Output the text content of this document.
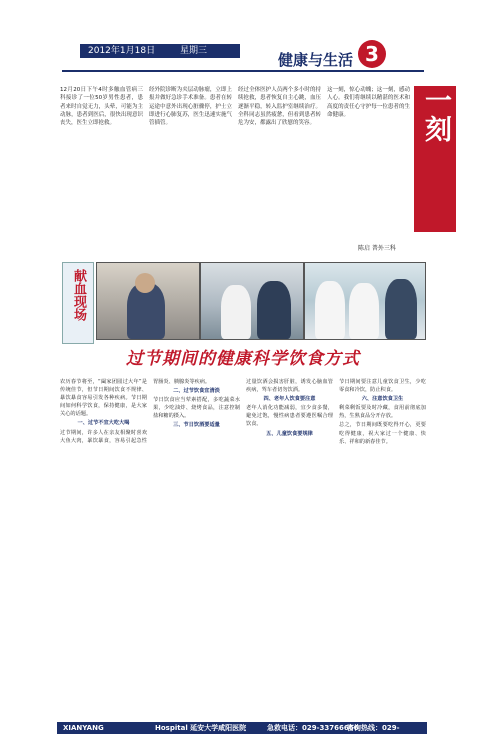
2012年1月18日	星期三	健康与生活 3

12月20日下午4时多触血管病三科接诊了一位50岁男性患者，患者来时自觉无力，头晕，可能为主动脉，患者到医后，很快出现意识丧失，医生立即抢救。

经外院诊断为夹层动脉瘤，立即上报并做好急诊手术准备。患者在转运途中意外出现心脏骤停，护士立即进行心肺复苏，医生迅速实施气管插管。

经过全体医护人员两个多小时的持续抢救，患者恢复自主心跳，血压逐渐平稳，转入监护室继续治疗。全科同志虽然疲惫，但看到患者转危为安，都露出了欣慰的笑容。

这一刻，惊心动魄；这一刻，感动人心。我们将继续以精湛的医术和高度的责任心守护每一位患者的生命健康。	惊心动魄的一刻
陈启 普外三科
献血现场
过节期间的健康科学饮食方式

农历春节将至，“阖家团圆过大年”是传统佳节，但节日期间饮食不规律、暴饮暴食容易引发各种疾病。节日期间如何科学饮食，保持健康，是大家关心的话题。

一、过节不宜大吃大喝

过节期间，许多人在亲友相聚时喜欢大鱼大肉，暴饮暴食，容易引起急性胃肠炎、胰腺炎等疾病。

二、过节饮食宜清淡

节日饮食应当荤素搭配，多吃蔬菜水果，少吃油炸、烧烤食品，注意控制盐和糖的摄入。

三、节日饮酒要适量

过量饮酒会损害肝脏，诱发心脑血管疾病，驾车者切勿饮酒。

四、老年人饮食要注意

老年人消化功能减弱，宜少食多餐，避免过饱，慢性病患者要遵医嘱合理饮食。

五、儿童饮食要规律

节日期间要注意儿童饮食卫生，少吃零食和冷饮，防止积食。

六、注意饮食卫生

剩菜剩饭要及时冷藏，食用前彻底加热，生熟食品分开存放。

总之，节日期间既要吃得开心，更要吃得健康，祝大家过一个健康、快乐、祥和的新春佳节。

XIANYANG	Hospital 延安大学咸阳医院	急救电话：029-33766666
咨询热线：029-33785192
